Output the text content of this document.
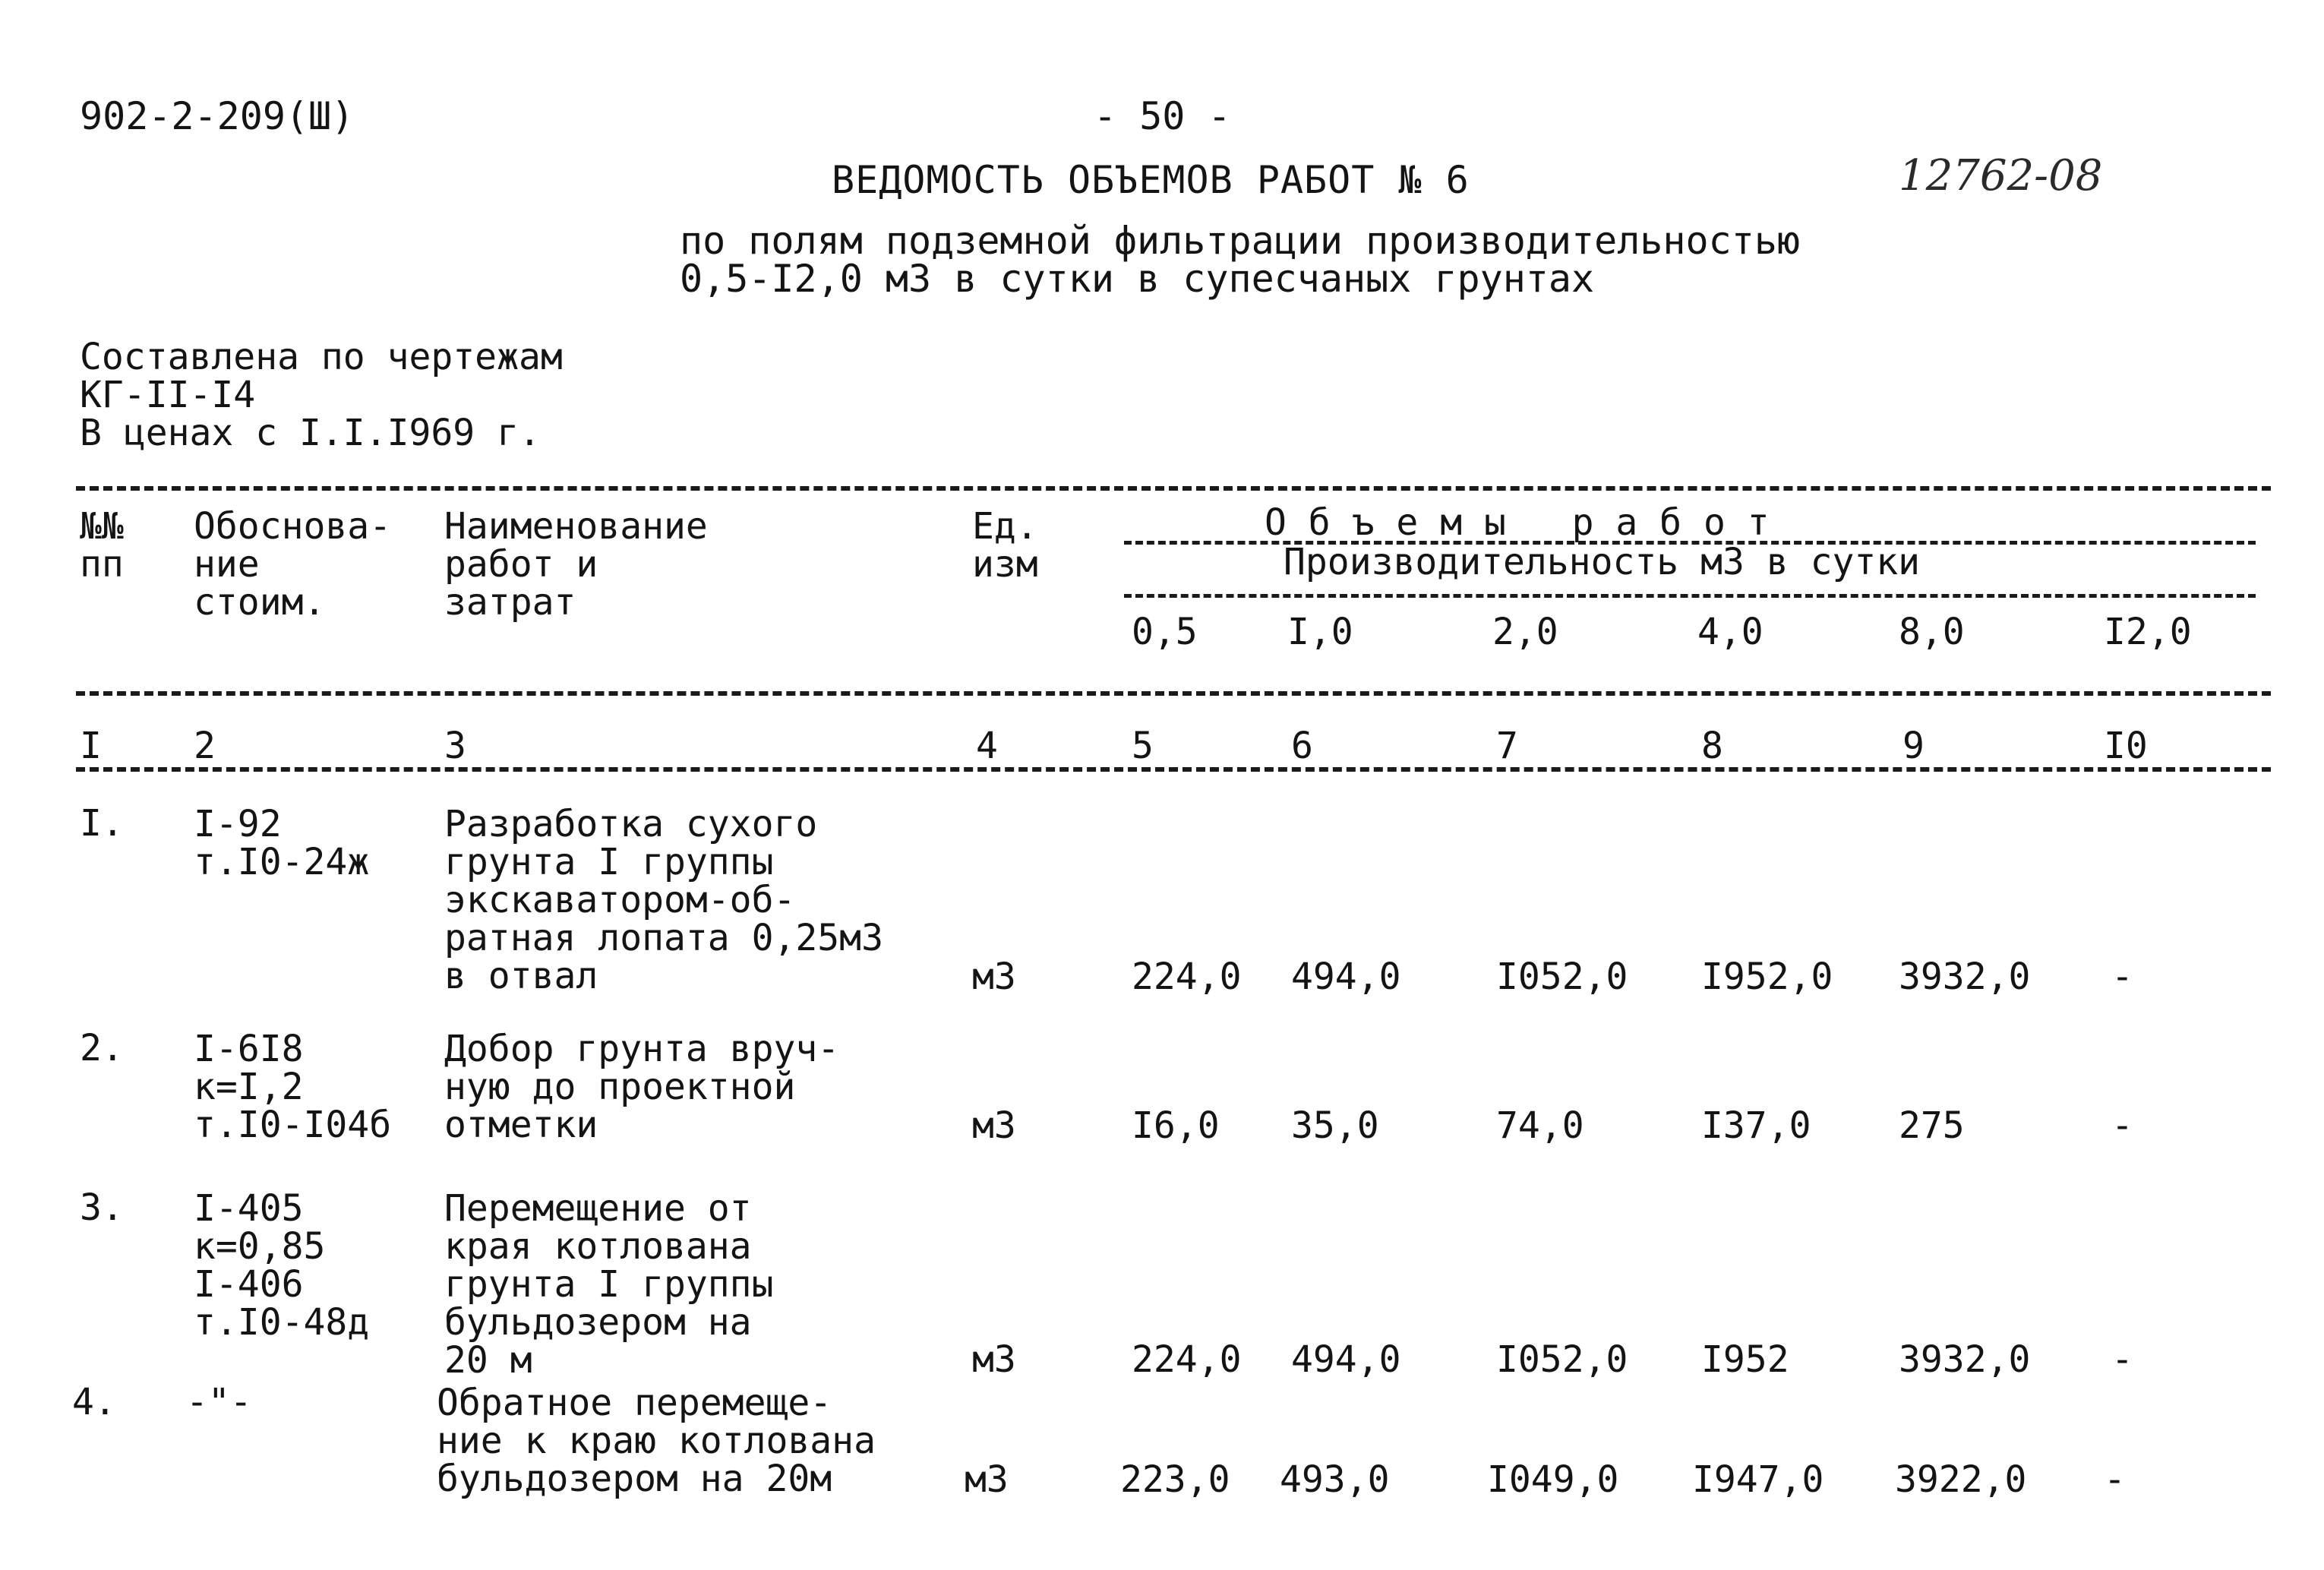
902-2-209(Ш)	- 50 -
ВЕДОМОСТЬ ОБЪЕМОВ РАБОТ № 6	12762-08
по полям подземной фильтрации производительностью
0,5-I2,0 м3 в сутки в супесчаных грунтах
Составлена по чертежам
КГ-II-I4
В ценах с I.I.I969 г.
№№
пп
Обоснова-
ние
стоим.
Наименование
работ и
затрат
Ед.
изм
О б ъ е м ы   р а б о т
Производительность м3 в сутки
0,5 I,0	2,0	4,0	8,0	I2,0
I	2	3	4	5	6	7	8	9	I0
I. I-92
т.I0-24ж
Разработка сухого
грунта I группы
экскаватором-об-
ратная лопата 0,25м3
в отвал	м3	224,0 494,0	I052,0 I952,0 3932,0 -
2. I-6I8
к=I,2
т.I0-I04б
Добор грунта вруч-
ную до проектной
отметки	м3	I6,0 35,0	74,0	I37,0 275	-
3. I-405
к=0,85
I-406
т.I0-48д
Перемещение от
края котлована
грунта I группы
бульдозером на
20 м	м3	224,0 494,0	I052,0 I952	3932,0 -
4. -"-	Обратное перемеще-
ние к краю котлована
бульдозером на 20м	м3	223,0 493,0	I049,0 I947,0 3922,0 -
